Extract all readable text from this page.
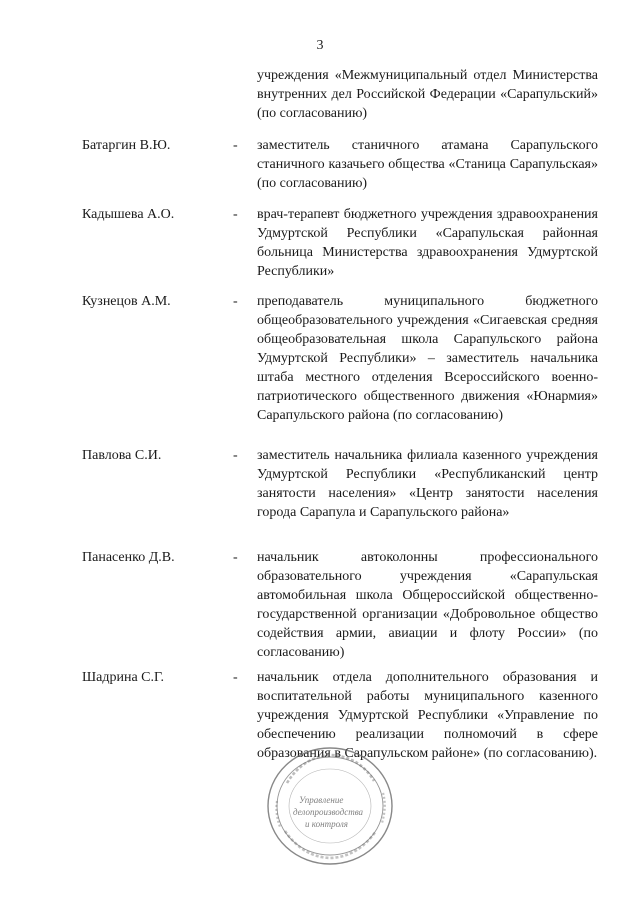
3
учреждения «Межмуниципальный отдел Министерства внутренних дел Российской Федерации «Сарапульский» (по согласованию)
Батаргин В.Ю.	-	заместитель станичного атамана Сарапульского станичного казачьего общества «Станица Сарапульская» (по согласованию)
Кадышева А.О.	-	врач-терапевт бюджетного учреждения здравоохранения Удмуртской Республики «Сарапульская районная больница Министерства здравоохранения Удмуртской Республики»
Кузнецов А.М.	-	преподаватель муниципального бюджетного общеобразовательного учреждения «Сигаевская средняя общеобразовательная школа Сарапульского района Удмуртской Республики» – заместитель начальника штаба местного отделения Всероссийского военно-патриотического общественного движения «Юнармия» Сарапульского района (по согласованию)
Павлова С.И.	-	заместитель начальника филиала казенного учреждения Удмуртской Республики «Республиканский центр занятости населения» «Центр занятости населения города Сарапула и Сарапульского района»
Панасенко Д.В.	-	начальник автоколонны профессионального образовательного учреждения «Сарапульская автомобильная школа Общероссийской общественно-государственной организации «Добровольное общество содействия армии, авиации и флоту России» (по согласованию)
Шадрина С.Г.	-	начальник отдела дополнительного образования и воспитательной работы муниципального казенного учреждения Удмуртской Республики «Управление по обеспечению реализации полномочий в сфере образования в Сарапульском районе» (по согласованию).
Управление
делопроизводства
и контроля
